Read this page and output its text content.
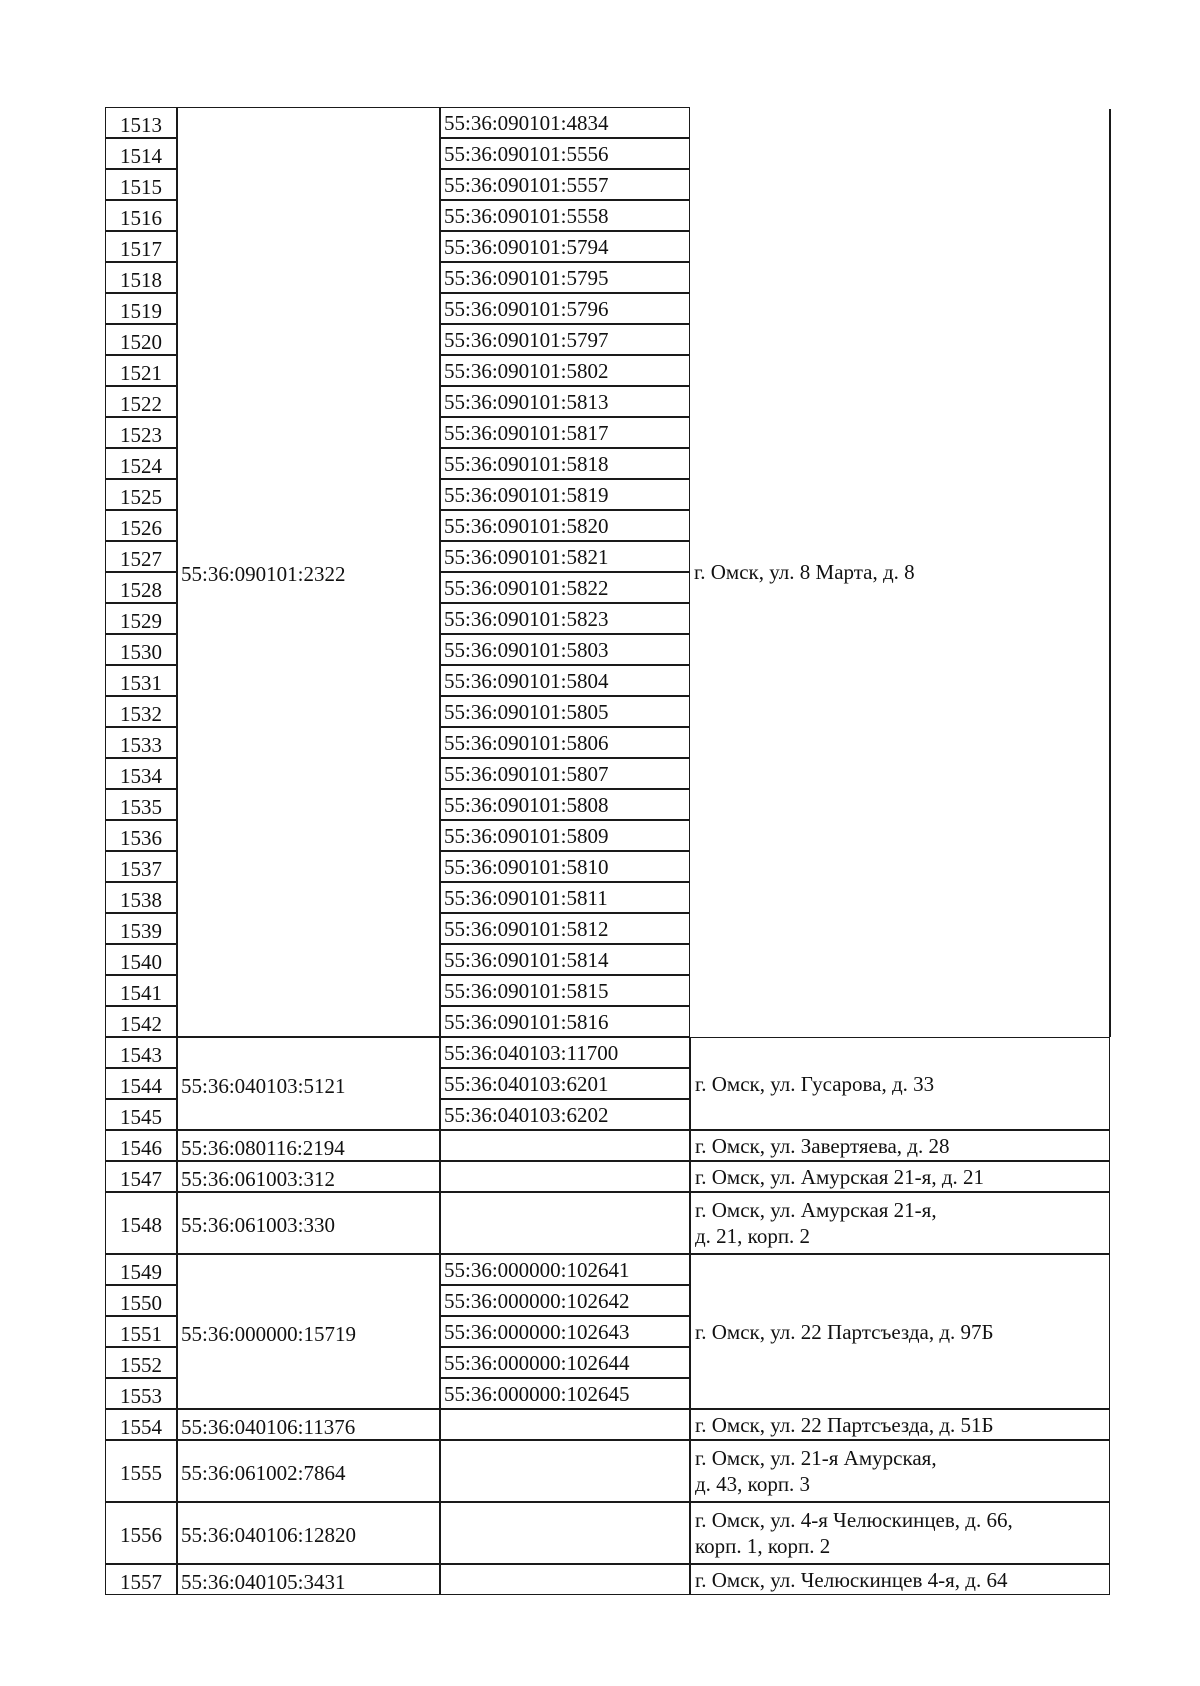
1513
1514
1515
1516
1517
1518
1519
1520
1521
1522
1523
1524
1525
1526
1527
1528
1529
1530
1531
1532
1533
1534
1535
1536
1537
1538
1539
1540
1541
1542
1543
1544
1545
1546
1547
1548
1549
1550
1551
1552
1553
1554
1555
1556
1557
55:36:090101:2322
55:36:040103:5121
55:36:080116:2194
55:36:061003:312
55:36:061003:330
55:36:000000:15719
55:36:040106:11376
55:36:061002:7864
55:36:040106:12820
55:36:040105:3431
55:36:090101:4834
55:36:090101:5556
55:36:090101:5557
55:36:090101:5558
55:36:090101:5794
55:36:090101:5795
55:36:090101:5796
55:36:090101:5797
55:36:090101:5802
55:36:090101:5813
55:36:090101:5817
55:36:090101:5818
55:36:090101:5819
55:36:090101:5820
55:36:090101:5821
55:36:090101:5822
55:36:090101:5823
55:36:090101:5803
55:36:090101:5804
55:36:090101:5805
55:36:090101:5806
55:36:090101:5807
55:36:090101:5808
55:36:090101:5809
55:36:090101:5810
55:36:090101:5811
55:36:090101:5812
55:36:090101:5814
55:36:090101:5815
55:36:090101:5816
55:36:040103:11700
55:36:040103:6201
55:36:040103:6202
55:36:000000:102641
55:36:000000:102642
55:36:000000:102643
55:36:000000:102644
55:36:000000:102645
г. Омск, ул. 8 Марта, д. 8
г. Омск, ул. Гусарова, д. 33
г. Омск, ул. Завертяева, д. 28
г. Омск, ул. Амурская 21-я, д. 21
г. Омск, ул. Амурская 21-я,
д. 21, корп. 2
г. Омск, ул. 22 Партсъезда, д. 97Б
г. Омск, ул. 22 Партсъезда, д. 51Б
г. Омск, ул. 21-я Амурская,
д. 43, корп. 3
г. Омск, ул. 4-я Челюскинцев, д. 66,
корп. 1, корп. 2
г. Омск, ул. Челюскинцев 4-я, д. 64
